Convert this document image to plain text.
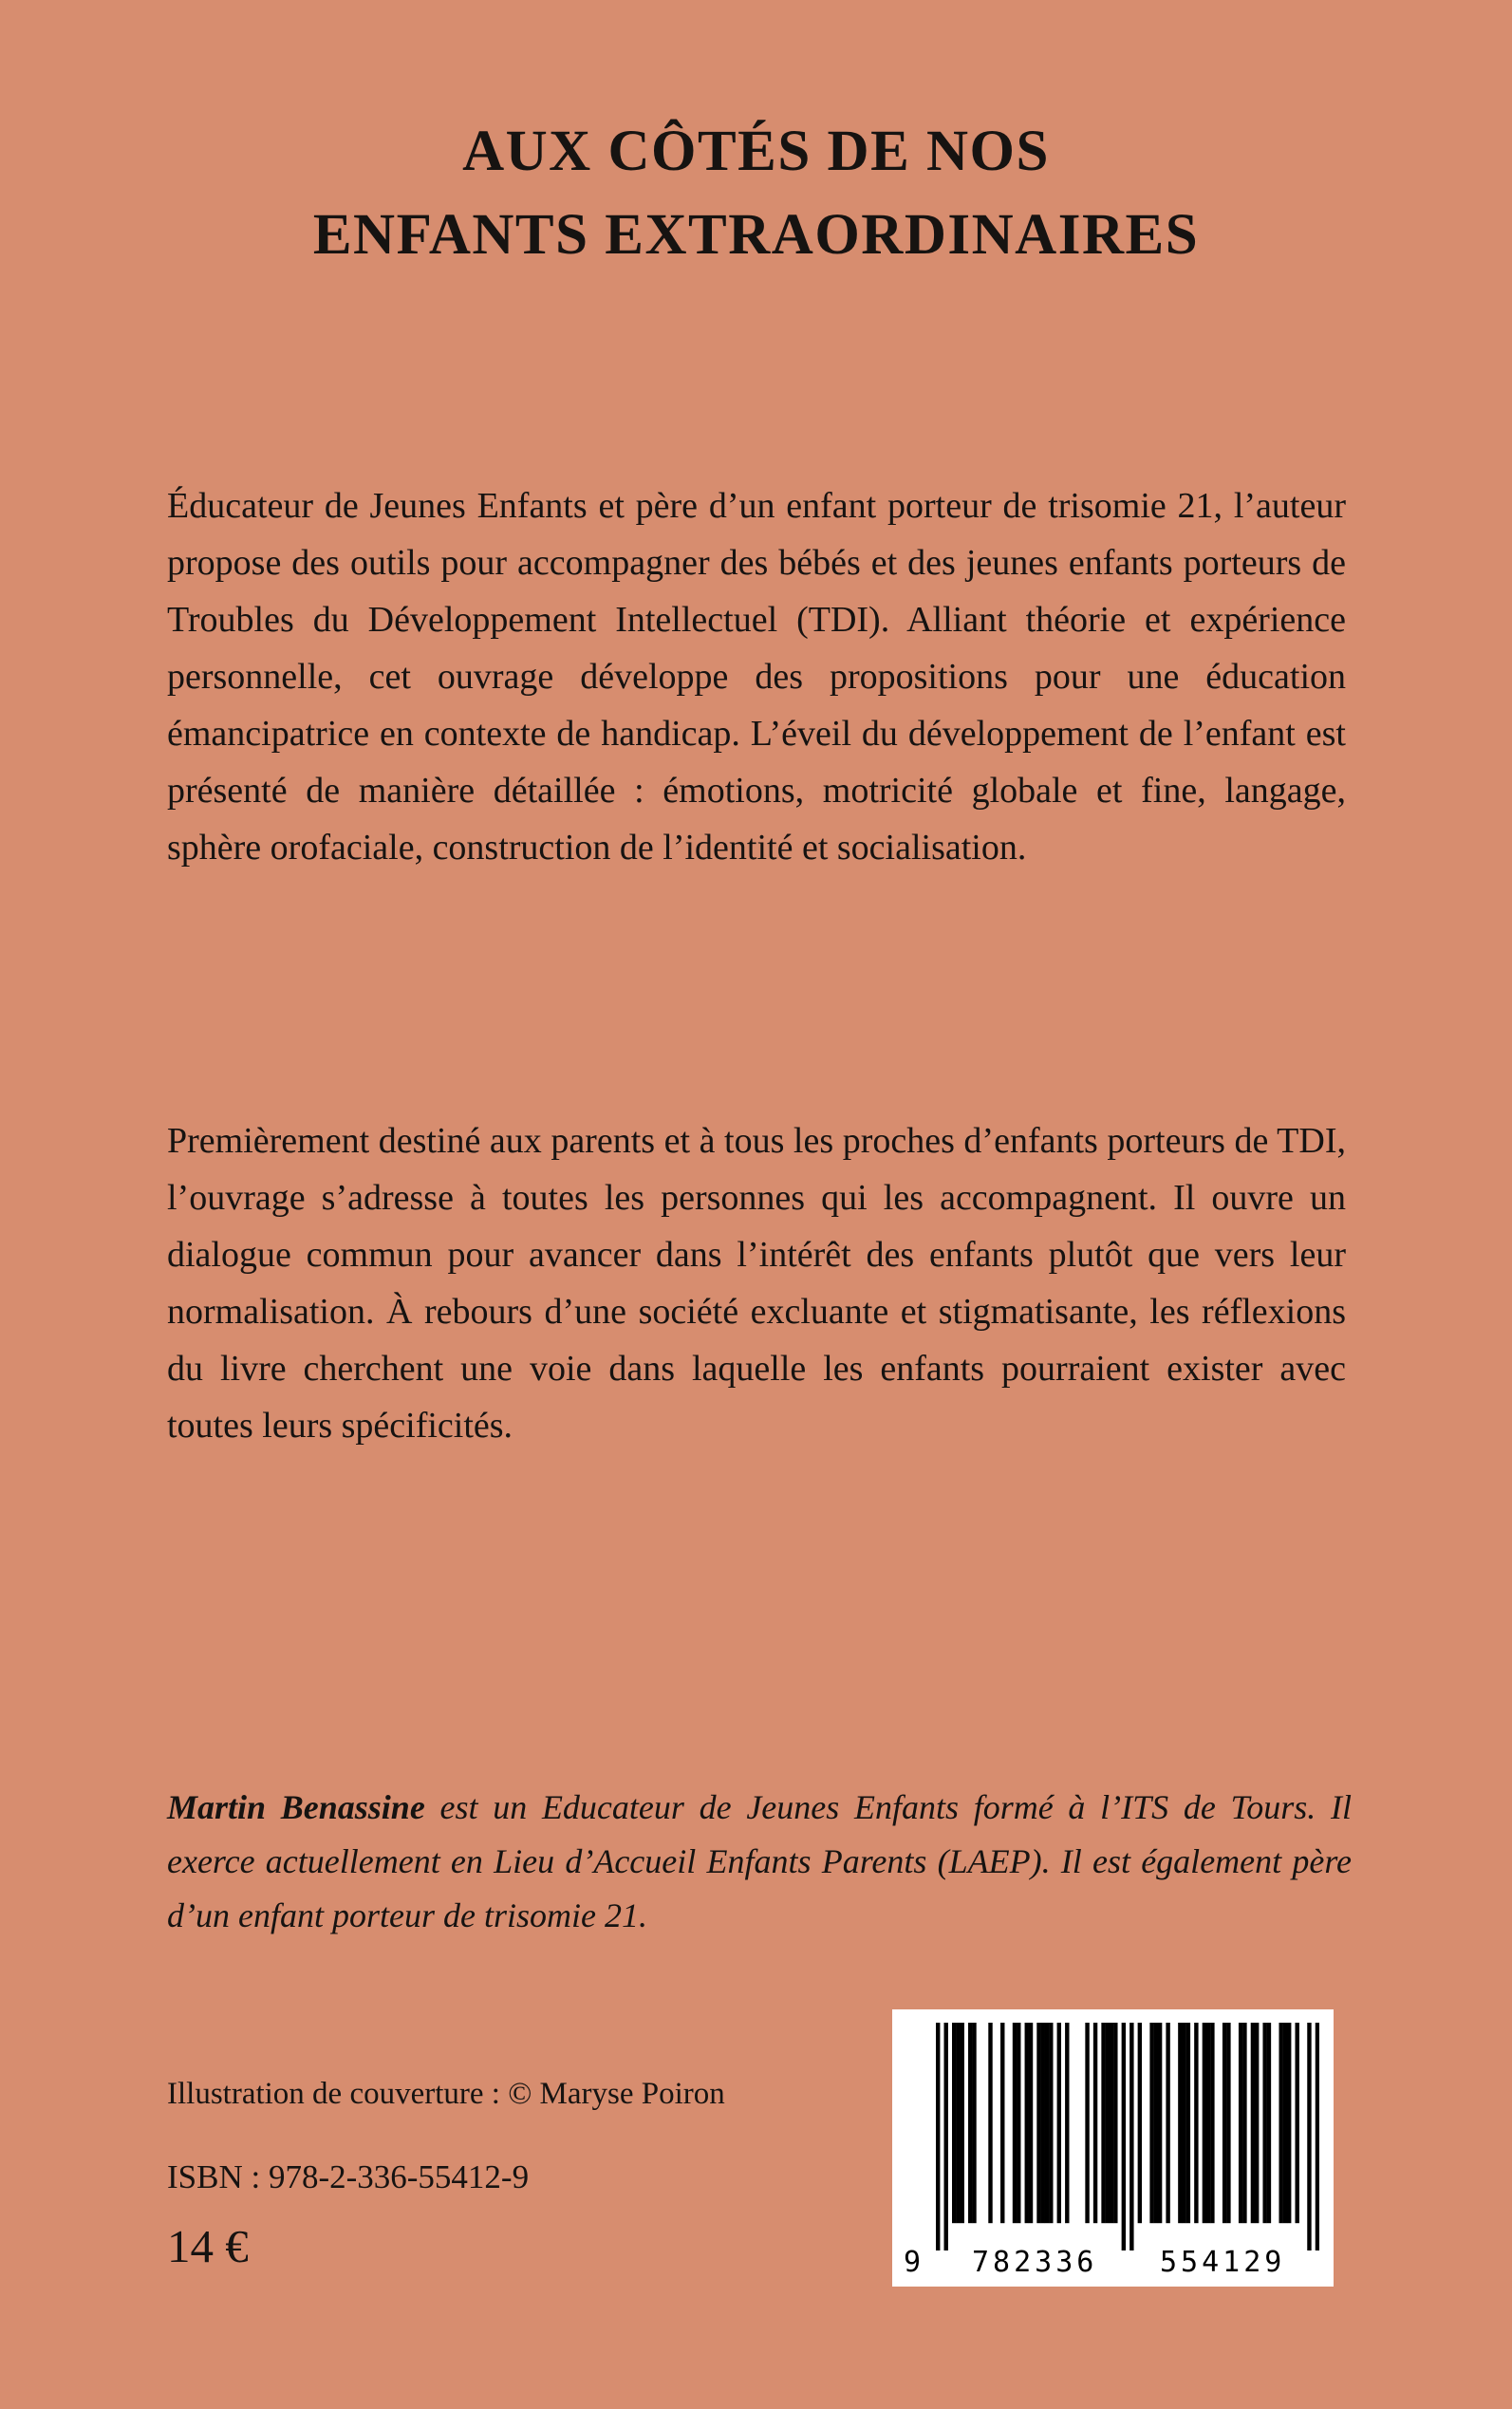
AUX CÔTÉS DE NOS
ENFANTS EXTRAORDINAIRES

Éducateur de Jeunes Enfants et père d’un enfant porteur de trisomie 21, l’auteur propose des outils pour accompagner des bébés et des jeunes enfants porteurs de Troubles du Développement Intellectuel (TDI). Alliant théorie et expérience personnelle, cet ouvrage développe des propositions pour une éducation émancipatrice en contexte de handicap. L’éveil du développement de l’enfant est présenté de manière détaillée : émotions, motricité globale et fine, langage, sphère orofaciale, construction de l’identité et socialisation.

Premièrement destiné aux parents et à tous les proches d’enfants porteurs de TDI, l’ouvrage s’adresse à toutes les personnes qui les accompagnent. Il ouvre un dialogue commun pour avancer dans l’intérêt des enfants plutôt que vers leur normalisation. À rebours d’une société excluante et stigmatisante, les réflexions du livre cherchent une voie dans laquelle les enfants pourraient exister avec toutes leurs spécificités.

Martin Benassine est un Educateur de Jeunes Enfants formé à l’ITS de Tours. Il exerce actuellement en Lieu d’Accueil Enfants Parents (LAEP). Il est également père d’un enfant porteur de trisomie 21.

Illustration de couverture : © Maryse Poiron
ISBN : 978-2-336-55412-9
14 €	9 782336 554129
